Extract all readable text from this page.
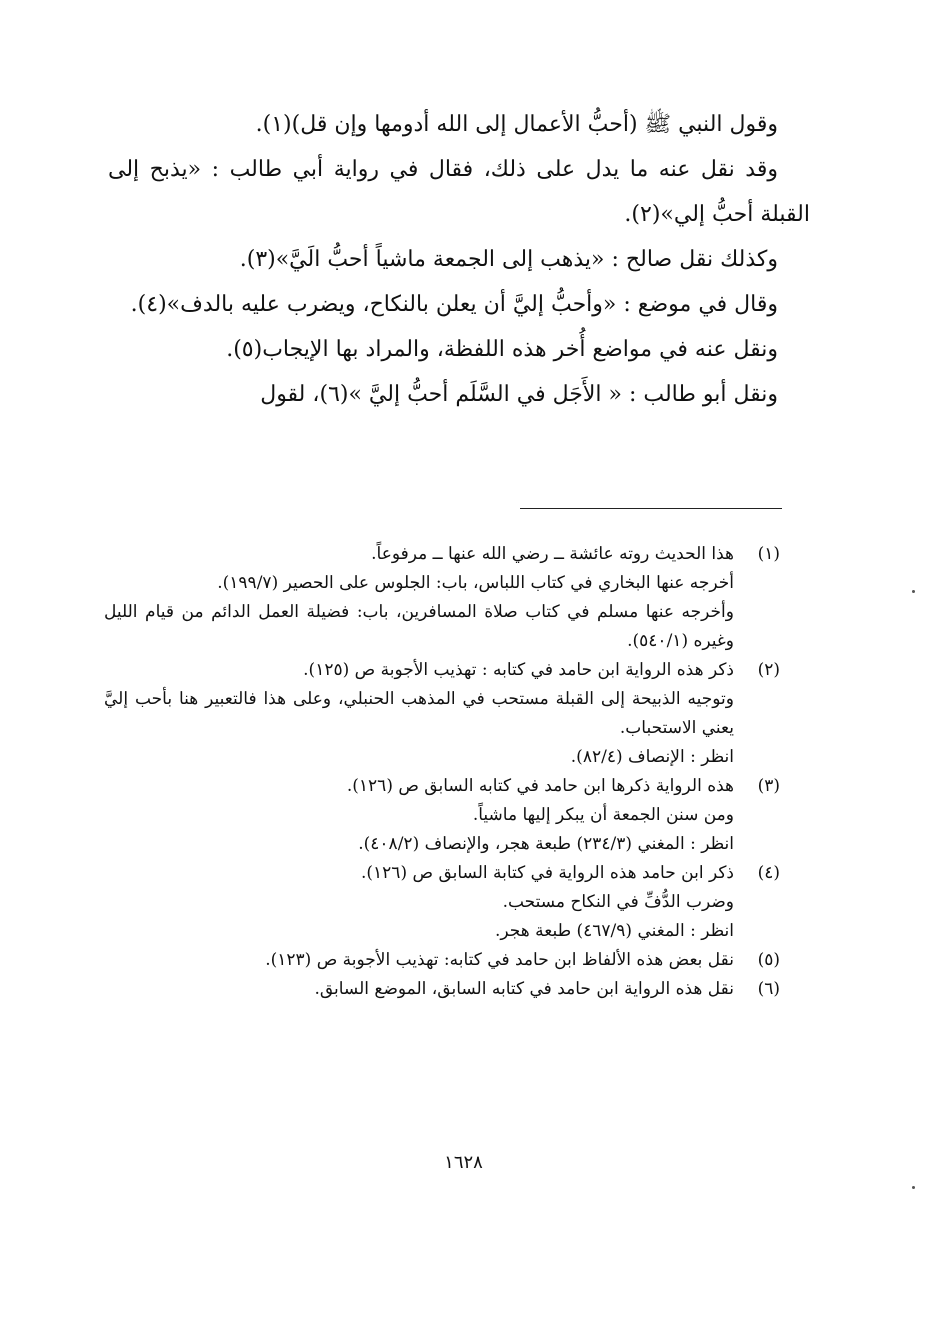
وقول النبي ﷺ (أحبُّ الأعمال إلى الله أدومها وإن قل)(١).

وقد نقل عنه ما يدل على ذلك، فقال في رواية أبي طالب : «يذبح إلى القبلة أحبُّ إلي»(٢).

وكذلك نقل صالح : «يذهب إلى الجمعة ماشياً أحبُّ الَيَّ»(٣).

وقال في موضع : «وأحبُّ إليَّ أن يعلن بالنكاح، ويضرب عليه بالدف»(٤).

ونقل عنه في مواضع أُخر هذه اللفظة، والمراد بها الإيجاب(٥).

ونقل أبو طالب : « الأَجَل في السَّلَم أحبُّ إليَّ »(٦)، لقول

(١)
هذا الحديث روته عائشة ــ رضي الله عنها ــ مرفوعاً.
أخرجه عنها البخاري في كتاب اللباس، باب: الجلوس على الحصير (١٩٩/٧).
وأخرجه عنها مسلم في كتاب صلاة المسافرين، باب: فضيلة العمل الدائم من قيام الليل وغيره (٥٤٠/١).
(٢)
ذكر هذه الرواية ابن حامد في كتابه : تهذيب الأجوبة ص (١٢٥).
وتوجيه الذبيحة إلى القبلة مستحب في المذهب الحنبلي، وعلى هذا فالتعبير هنا بأحب إليَّ يعني الاستحباب.
انظر : الإنصاف (٨٢/٤).
(٣)
هذه الرواية ذكرها ابن حامد في كتابه السابق ص (١٢٦).
ومن سنن الجمعة أن يبكر إليها ماشياً.
انظر : المغني (٢٣٤/٣) طبعة هجر، والإنصاف (٤٠٨/٢).
(٤)
ذكر ابن حامد هذه الرواية في كتابة السابق ص (١٢٦).
وضرب الدُّفِّ في النكاح مستحب.
انظر : المغني (٤٦٧/٩) طبعة هجر.
(٥)
نقل بعض هذه الألفاظ ابن حامد في كتابه: تهذيب الأجوبة ص (١٢٣).
(٦)
نقل هذه الرواية ابن حامد في كتابه السابق، الموضع السابق.
١٦٢٨
